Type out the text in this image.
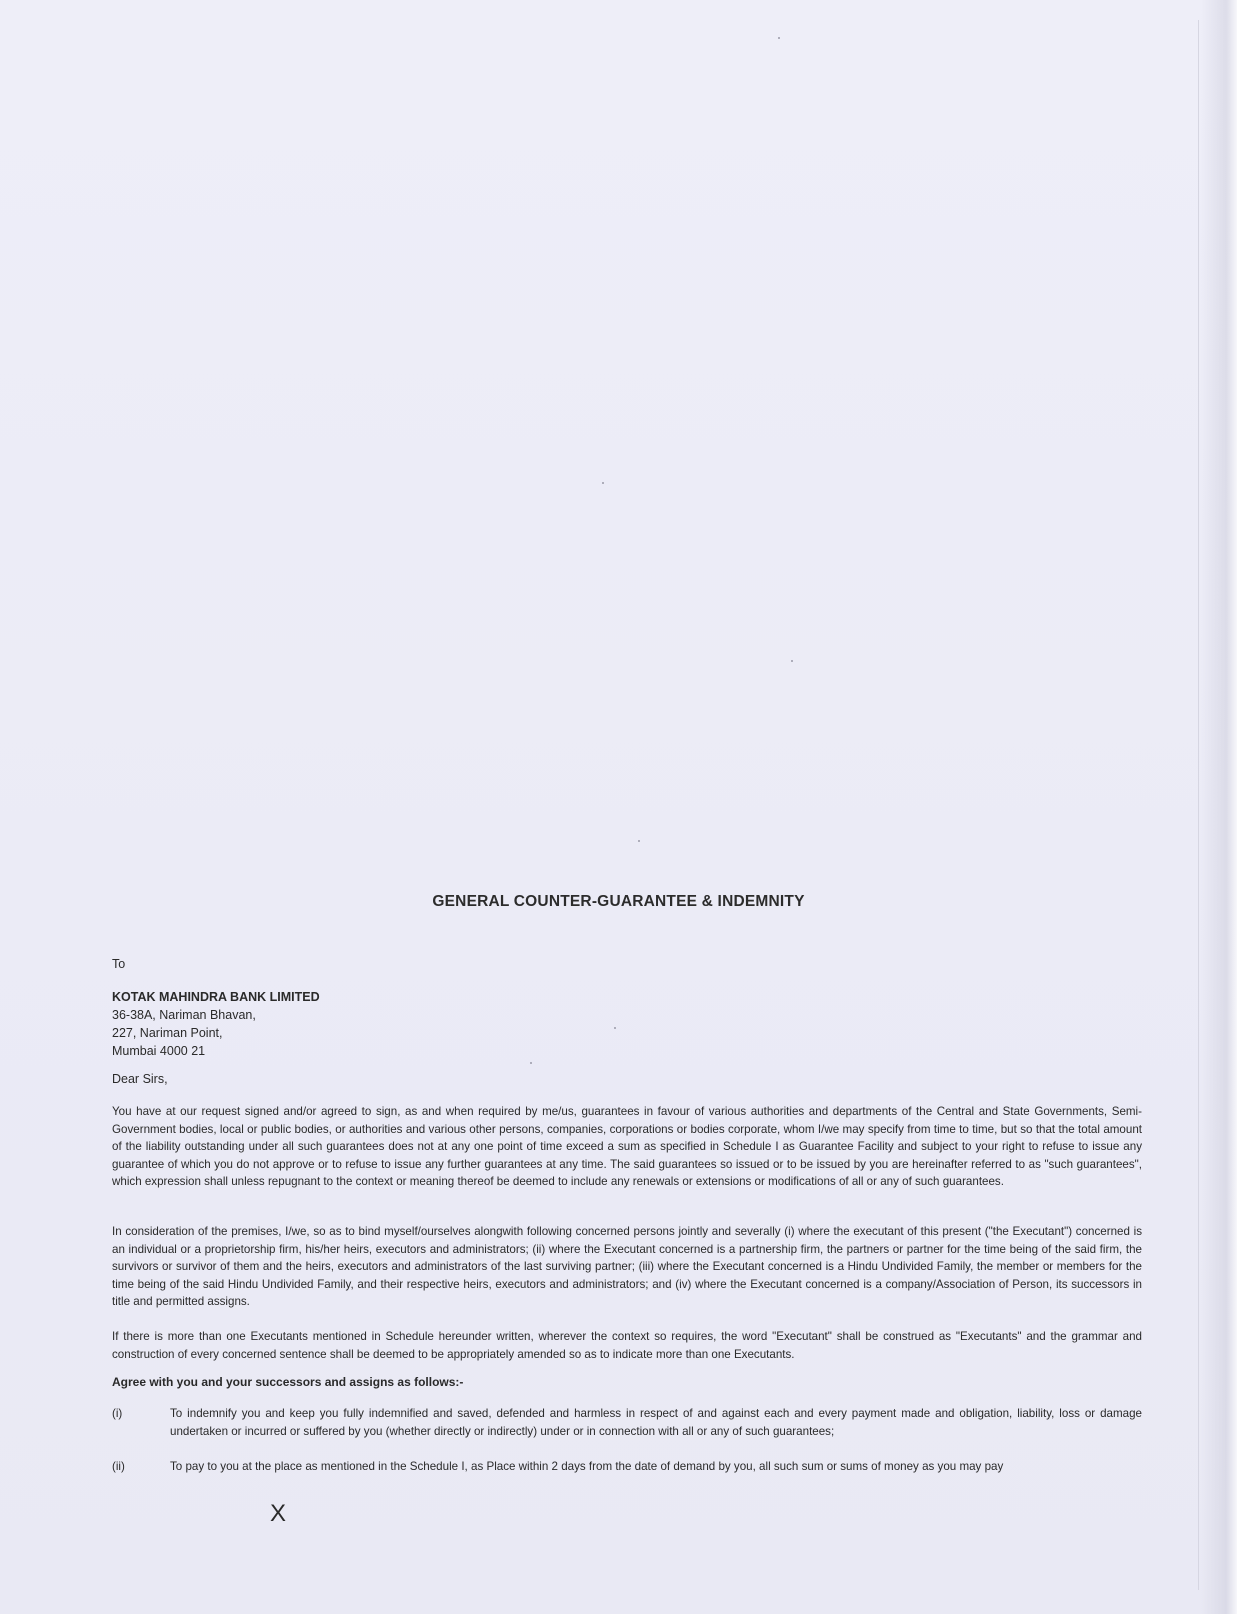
GENERAL COUNTER-GUARANTEE & INDEMNITY
To
KOTAK MAHINDRA BANK LIMITED
36-38A, Nariman Bhavan,
227, Nariman Point,
Mumbai 4000 21
Dear Sirs,
You have at our request signed and/or agreed to sign, as and when required by me/us, guarantees in favour of various authorities and departments of the Central and State Governments, Semi-Government bodies, local or public bodies, or authorities and various other persons, companies, corporations or bodies corporate, whom I/we may specify from time to time, but so that the total amount of the liability outstanding under all such guarantees does not at any one point of time exceed a sum as specified in Schedule I as Guarantee Facility and subject to your right to refuse to issue any guarantee of which you do not approve or to refuse to issue any further guarantees at any time. The said guarantees so issued or to be issued by you are hereinafter referred to as "such guarantees", which expression shall unless repugnant to the context or meaning thereof be deemed to include any renewals or extensions or modifications of all or any of such guarantees.
In consideration of the premises, I/we, so as to bind myself/ourselves alongwith following concerned persons jointly and severally (i) where the executant of this present ("the Executant") concerned is an individual or a proprietorship firm, his/her heirs, executors and administrators; (ii) where the Executant concerned is a partnership firm, the partners or partner for the time being of the said firm, the survivors or survivor of them and the heirs, executors and administrators of the last surviving partner; (iii) where the Executant concerned is a Hindu Undivided Family, the member or members for the time being of the said Hindu Undivided Family, and their respective heirs, executors and administrators; and (iv) where the Executant concerned is a company/Association of Person, its successors in title and permitted assigns.
If there is more than one Executants mentioned in Schedule hereunder written, wherever the context so requires, the word "Executant" shall be construed as "Executants" and the grammar and construction of every concerned sentence shall be deemed to be appropriately amended so as to indicate more than one Executants.
Agree with you and your successors and assigns as follows:-
(i)	To indemnify you and keep you fully indemnified and saved, defended and harmless in respect of and against each and every payment made and obligation, liability, loss or damage undertaken or incurred or suffered by you (whether directly or indirectly) under or in connection with all or any of such guarantees;
(ii)	To pay to you at the place as mentioned in the Schedule I, as Place within 2 days from the date of demand by you, all such sum or sums of money as you may pay
X
